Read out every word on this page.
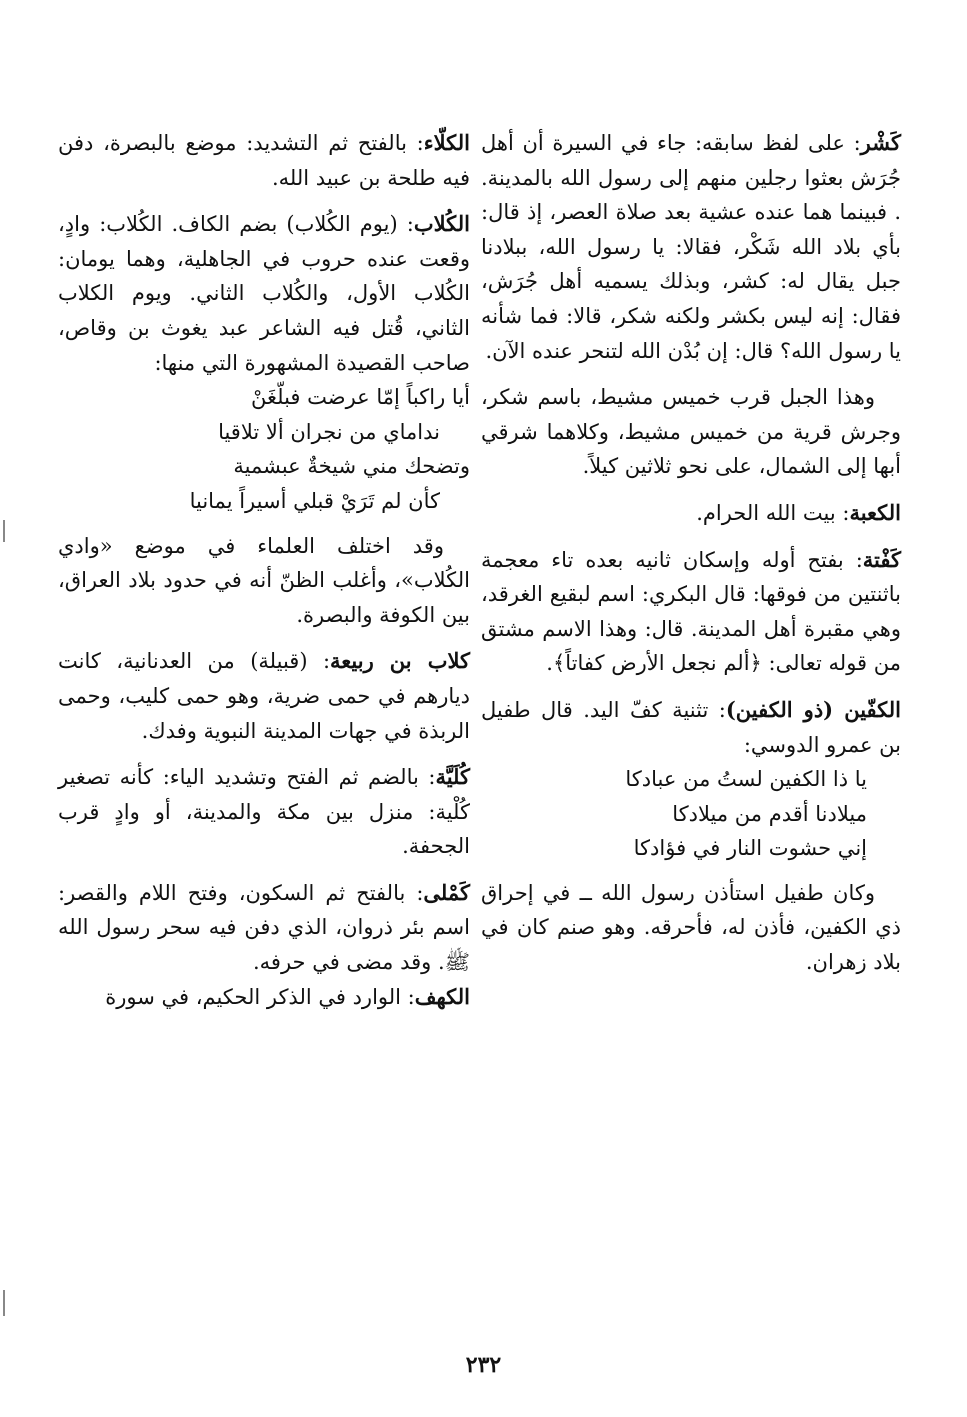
كَشْر: على لفظ سابقه: جاء في السيرة أن أهل جُرَش بعثوا رجلين منهم إلى رسول الله بالمدينة. . فبينما هما عنده عشية بعد صلاة العصر، إذ قال: بأي بلاد الله شَكْر، فقالا: يا رسول الله، ببلادنا جبل يقال له: كشر، وبذلك يسميه أهل جُرَش، فقال: إنه ليس بكشر ولكنه شكر، قالا: فما شأنه يا رسول الله؟ قال: إن بُدْن الله لتنحر عنده الآن.

وهذا الجبل قرب خميس مشيط، باسم شكر، وجرش قرية من خميس مشيط، وكلاهما شرقي أبها إلى الشمال، على نحو ثلاثين كيلاً.

الكعبة: بيت الله الحرام.

كَفْتة: بفتح أوله وإسكان ثانيه بعده تاء معجمة باثنتين من فوقها: قال البكري: اسم لبقيع الغرقد، وهي مقبرة أهل المدينة. قال: وهذا الاسم مشتق من قوله تعالى: ﴿ألم نجعل الأرض كفاتاً﴾.

الكفّين (ذو الكفين): تثنية كفّ اليد. قال طفيل بن عمرو الدوسي:

يا ذا الكفين لستُ من عبادكا
ميلادنا أقدم من ميلادكا
إني حشوت النار في فؤادكا

وكان طفيل استأذن رسول الله ــ في إحراق ذي الكفين، فأذن له، فأحرقه. وهو صنم كان في بلاد زهران.

الكلّاء: بالفتح ثم التشديد: موضع بالبصرة، دفن فيه طلحة بن عبيد الله.

الكُلاب: (يوم الكُلاب) بضم الكاف. الكُلاب: وادٍ، وقعت عنده حروب في الجاهلية، وهما يومان: الكُلاب الأول، والكُلاب الثاني. ويوم الكلاب الثاني، قُتل فيه الشاعر عبد يغوث بن وقاص، صاحب القصيدة المشهورة التي منها:

أيا راكباً إمّا عرضت فبلّغَنْ
نداماي من نجران ألا تلاقيا
وتضحك مني شيخةٌ عبشمية
كأن لم تَرَيْ قبلي أسيراً يمانيا

وقد اختلف العلماء في موضع «وادي الكُلاب»، وأغلب الظنّ أنه في حدود بلاد العراق، بين الكوفة والبصرة.

كلاب بن ربيعة: (قبيلة) من العدنانية، كانت ديارهم في حمى ضرية، وهو حمى كليب، وحمى الربذة في جهات المدينة النبوية وفدك.

كُلَيَّة: بالضم ثم الفتح وتشديد الياء: كأنه تصغير كُلْية: منزل بين مكة والمدينة، أو وادٍ قرب الجحفة.

كَمْلى: بالفتح ثم السكون، وفتح اللام والقصر: اسم بئر ذروان، الذي دفن فيه سحر رسول الله ﷺ. وقد مضى في حرفه.

الكهف: الوارد في الذكر الحكيم، في سورة

٢٣٢
